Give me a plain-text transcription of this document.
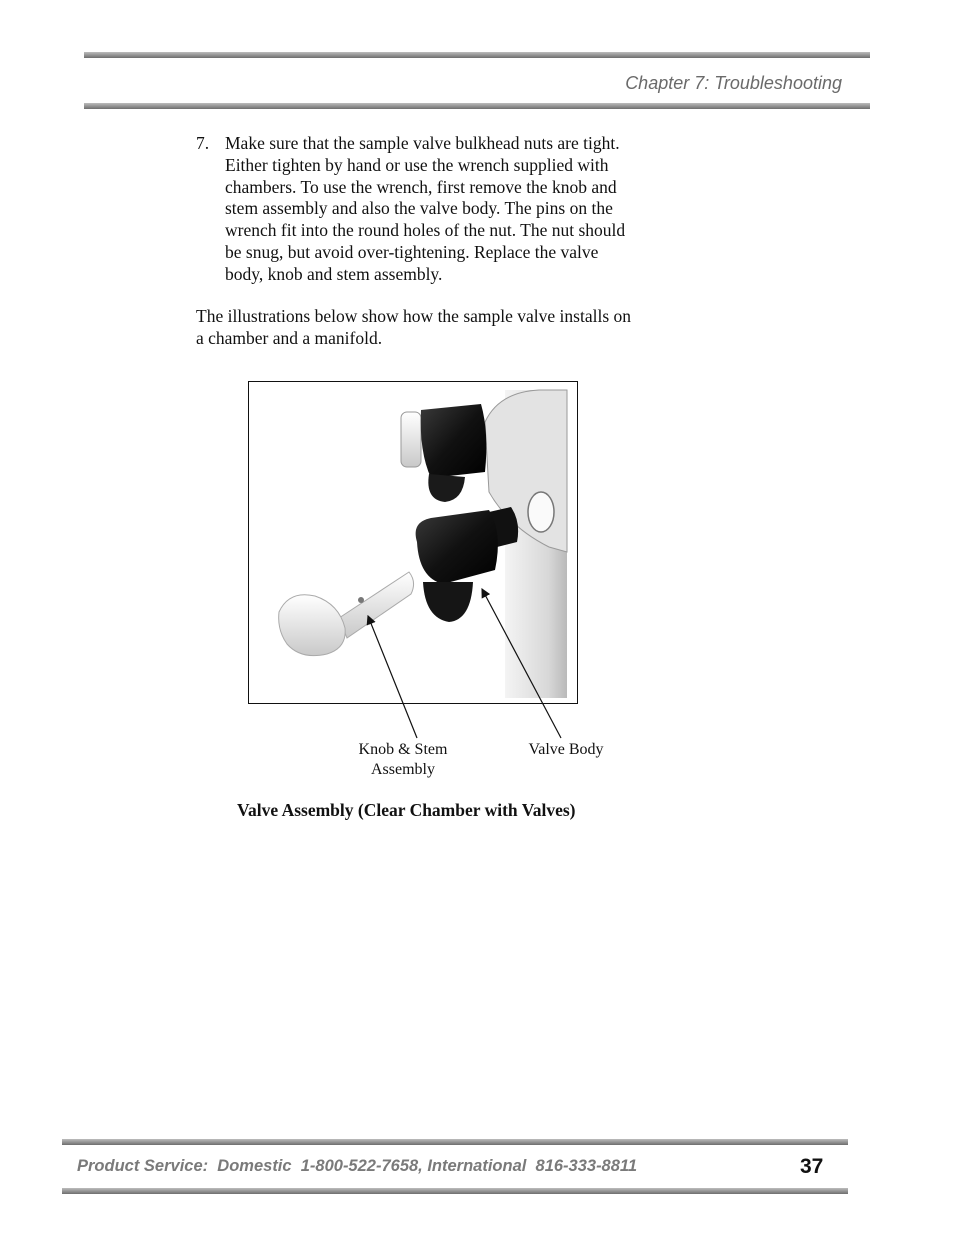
Chapter 7: Troubleshooting
7. Make sure that the sample valve bulkhead nuts are tight.
Either tighten by hand or use the wrench supplied with
chambers. To use the wrench, first remove the knob and
stem assembly and also the valve body. The pins on the
wrench fit into the round holes of the nut. The nut should
be snug, but avoid over-tightening. Replace the valve
body, knob and stem assembly.
The illustrations below show how the sample valve installs on
a chamber and a manifold.
Knob & Stem
Assembly
Valve Body
Valve Assembly (Clear Chamber with Valves)
Product Service:  Domestic  1-800-522-7658, International  816-333-8811	37
